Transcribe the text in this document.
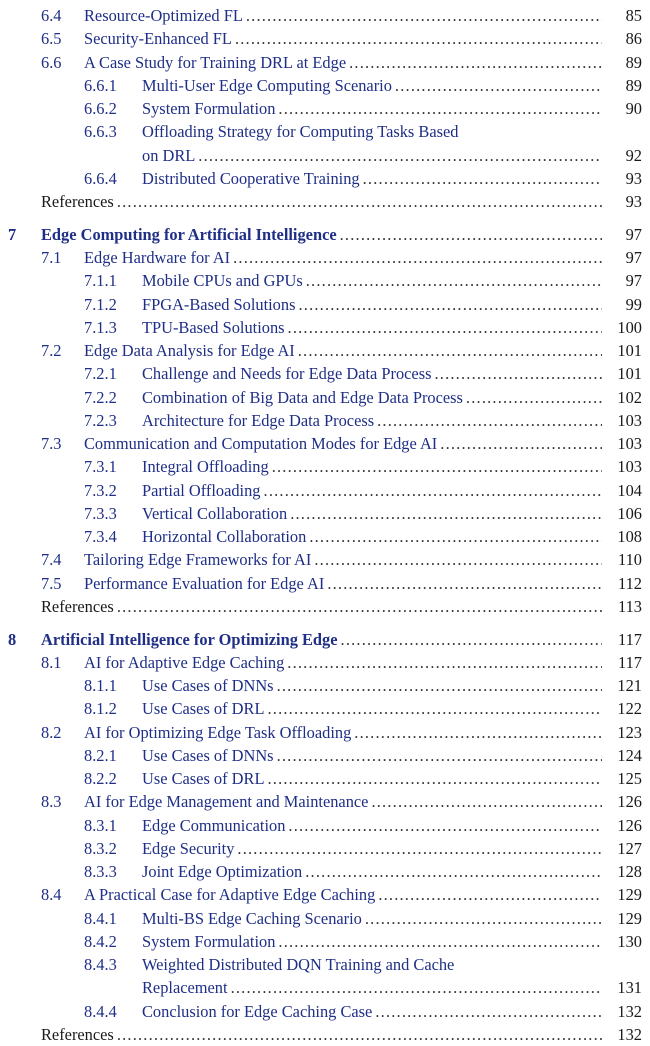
6.4 Resource-Optimized FL .....	85
6.5 Security-Enhanced FL .....	86
6.6 A Case Study for Training DRL at Edge .....	89
6.6.1 Multi-User Edge Computing Scenario .....	89
6.6.2 System Formulation .....	90
6.6.3 Offloading Strategy for Computing Tasks Based
on DRL .....	92
6.6.4 Distributed Cooperative Training .....	93
References .....	93
7 Edge Computing for Artificial Intelligence .....	97
7.1 Edge Hardware for AI .....	97
7.1.1 Mobile CPUs and GPUs .....	97
7.1.2 FPGA-Based Solutions .....	99
7.1.3 TPU-Based Solutions .....	100
7.2 Edge Data Analysis for Edge AI .....	101
7.2.1 Challenge and Needs for Edge Data Process .....	101
7.2.2 Combination of Big Data and Edge Data Process .....	102
7.2.3 Architecture for Edge Data Process .....	103
7.3 Communication and Computation Modes for Edge AI .....	103
7.3.1 Integral Offloading .....	103
7.3.2 Partial Offloading .....	104
7.3.3 Vertical Collaboration .....	106
7.3.4 Horizontal Collaboration .....	108
7.4 Tailoring Edge Frameworks for AI .....	110
7.5 Performance Evaluation for Edge AI .....	112
References .....	113
8 Artificial Intelligence for Optimizing Edge .....	117
8.1 AI for Adaptive Edge Caching .....	117
8.1.1 Use Cases of DNNs .....	121
8.1.2 Use Cases of DRL .....	122
8.2 AI for Optimizing Edge Task Offloading .....	123
8.2.1 Use Cases of DNNs .....	124
8.2.2 Use Cases of DRL .....	125
8.3 AI for Edge Management and Maintenance .....	126
8.3.1 Edge Communication .....	126
8.3.2 Edge Security .....	127
8.3.3 Joint Edge Optimization .....	128
8.4 A Practical Case for Adaptive Edge Caching .....	129
8.4.1 Multi-BS Edge Caching Scenario .....	129
8.4.2 System Formulation .....	130
8.4.3 Weighted Distributed DQN Training and Cache
Replacement .....	131
8.4.4 Conclusion for Edge Caching Case .....	132
References .....	132
